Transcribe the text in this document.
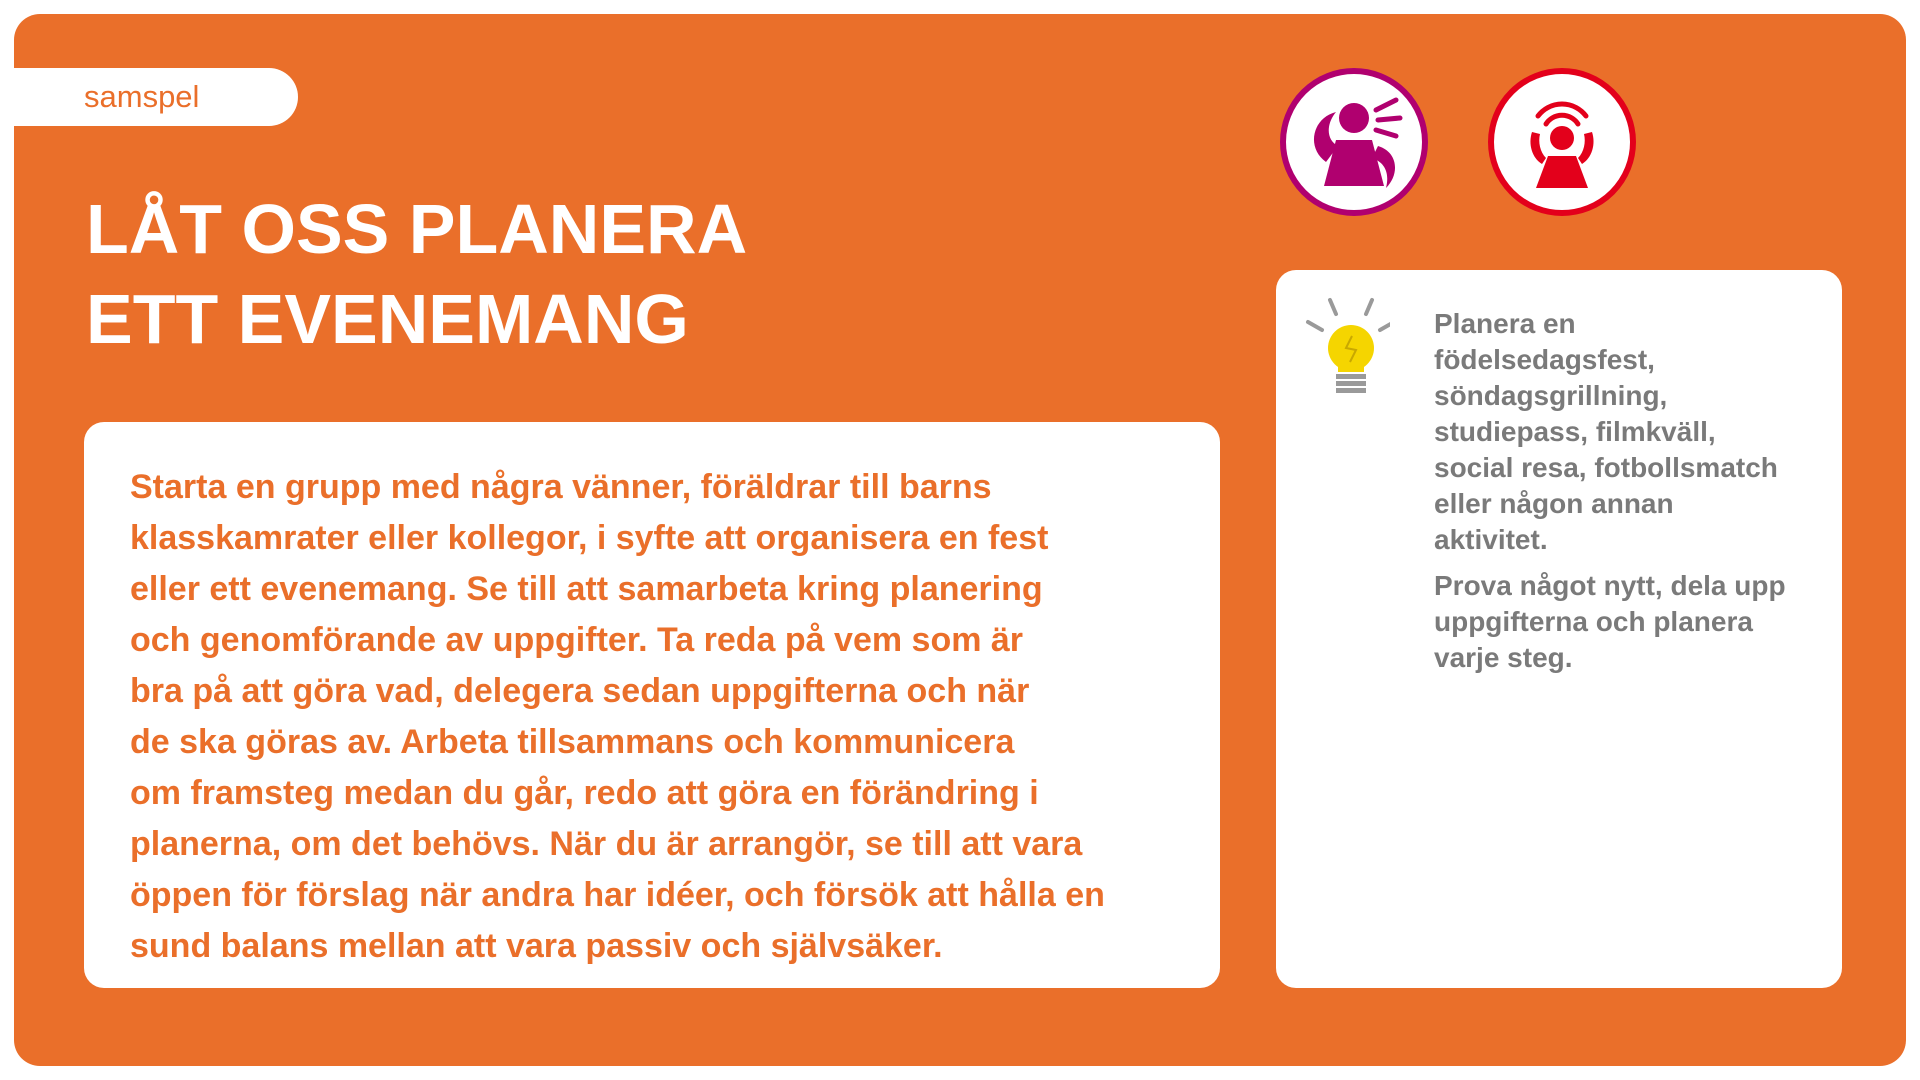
samspel
LÅT OSS PLANERA
ETT EVENEMANG
Starta en grupp med några vänner, föräldrar till barns
klasskamrater eller kollegor, i syfte att organisera en fest
eller ett evenemang. Se till att samarbeta kring planering
och genomförande av uppgifter. Ta reda på vem som är
bra på att göra vad, delegera sedan uppgifterna och när
de ska göras av. Arbeta tillsammans och kommunicera
om framsteg medan du går, redo att göra en förändring i
planerna, om det behövs. När du är arrangör, se till att vara
öppen för förslag när andra har idéer, och försök att hålla en
sund balans mellan att vara passiv och självsäker.
Planera en
födelsedagsfest,
söndagsgrillning,
studiepass, filmkväll,
social resa, fotbollsmatch
eller någon annan
aktivitet.
Prova något nytt, dela upp
uppgifterna och planera
varje steg.
